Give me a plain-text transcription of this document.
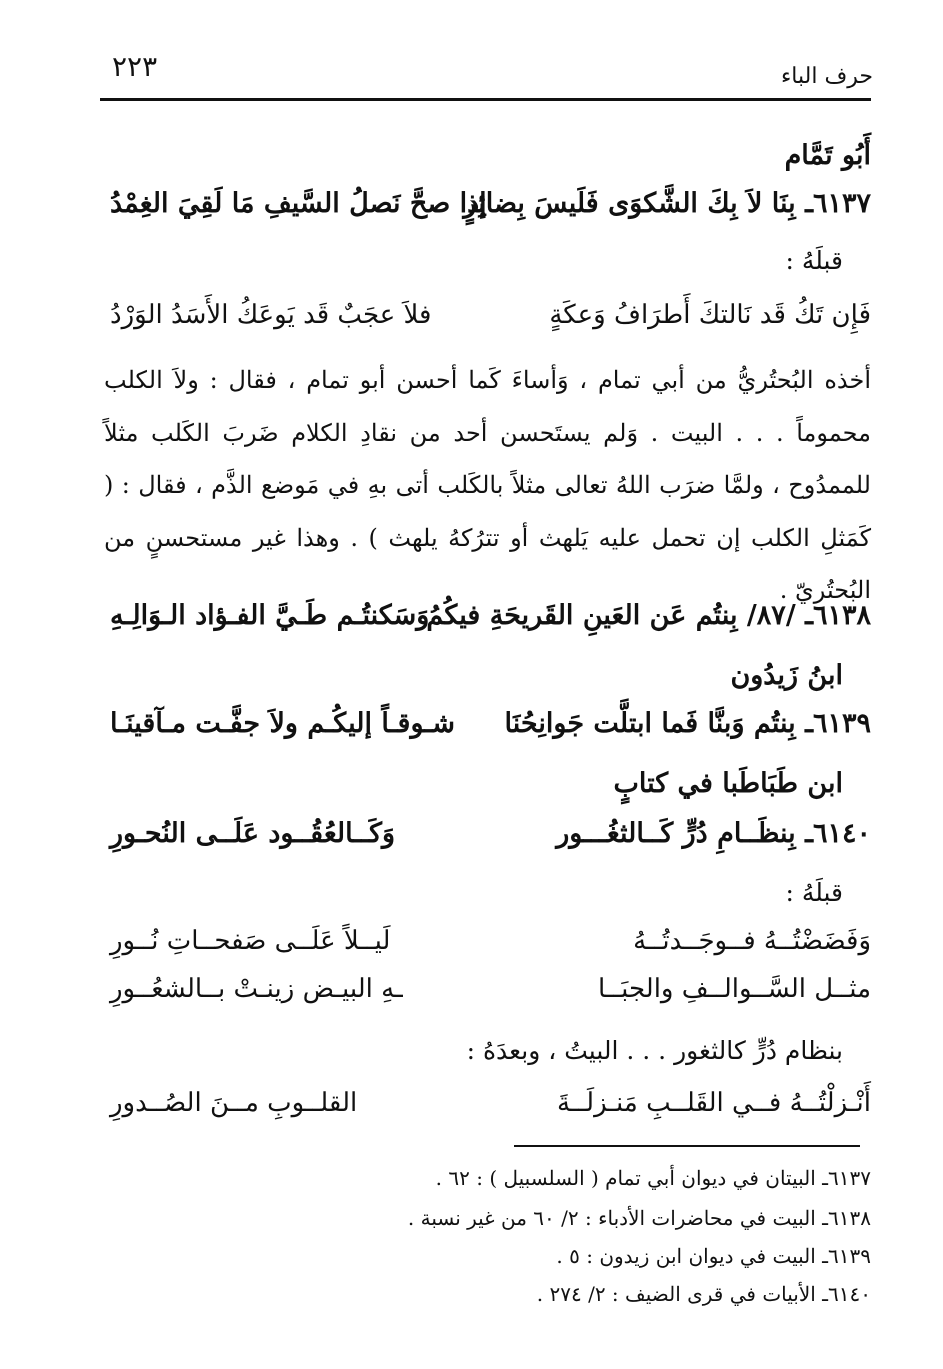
٢٢٣	حرف الباء
أَبُو تَمَّام
٦١٣٧ـ بِنَا لاَ بِكَ الشَّكوَى فَلَيسَ بِضائِرٍ
إذا صحَّ نَصلُ السَّيفِ مَا لَقِيَ الغِمْدُ
قبلَهُ :
فَإِن تَكُ قَد نَالتكَ أَطرَافُ وَعكَةٍ
فلاَ عجَبٌ قَد يَوعَكُ الأَسَدُ الوَرْدُ
أخذه البُحتُريُّ من أبي تمام ، وَأساءَ كَما أحسن أبو تمام ، فقال : ولاَ الكلب محموماً . . . البيت . وَلم يستَحسن أحد من نقادِ الكلام ضَربَ الكَلب مثلاً للممدُوح ، ولمَّا ضرَب اللهُ تعالى مثلاً بالكَلب أتى بهِ في مَوضع الذَّم ، فقال : ( كَمَثلِ الكلب إن تحمل عليه يَلهث أو تترُكهُ يلهث ) . وهذا غير مستحسنٍ من البُحتُريّ .
٦١٣٨ـ /٨٧/ بِنتُم عَن العَينِ القَريحَةِ فيكُمُ
وَسَكنتُـم طَـيَّ الفـؤاد الـوَالِـهِ
ابنُ زَيدُون
٦١٣٩ـ بِنتُم وَبنَّا فَما ابتلَّت جَوانِحُنَا
شـوقـاً إليكُـم ولاَ جفَّـت مـآقينَـا
ابن طَبَاطَبا في كتابٍ
٦١٤٠ـ بِنظَــامِ دُرٍّ كَــالثغُـــور
وَكَــالعُقُــود عَلَــى النُحـورِ
قبلَهُ :
وَفَضَضْتُــهُ فــوجَــدتُــهُ
لَيــلاً عَلَــى صَفحــاتِ نُــورِ
مثــل السَّــوالــفِ والجبَــا
ـهِ البيـض زينـتْ بــالشعُــورِ
بنظام دُرٍّ كالثغور . . . البيتُ ، وبعدَهُ :
أَنْـزلْتُــهُ فــي القَلــبِ مَنـزلَــةَ
القلــوبِ مــنَ الصُــدورِ
٦١٣٧ـ البيتان في ديوان أبي تمام ( السلسبيل ) : ٦٢ .
٦١٣٨ـ البيت في محاضرات الأدباء : ٢/ ٦٠ من غير نسبة .
٦١٣٩ـ البيت في ديوان ابن زيدون : ٥ .
٦١٤٠ـ الأبيات في قرى الضيف : ٢/ ٢٧٤ .
